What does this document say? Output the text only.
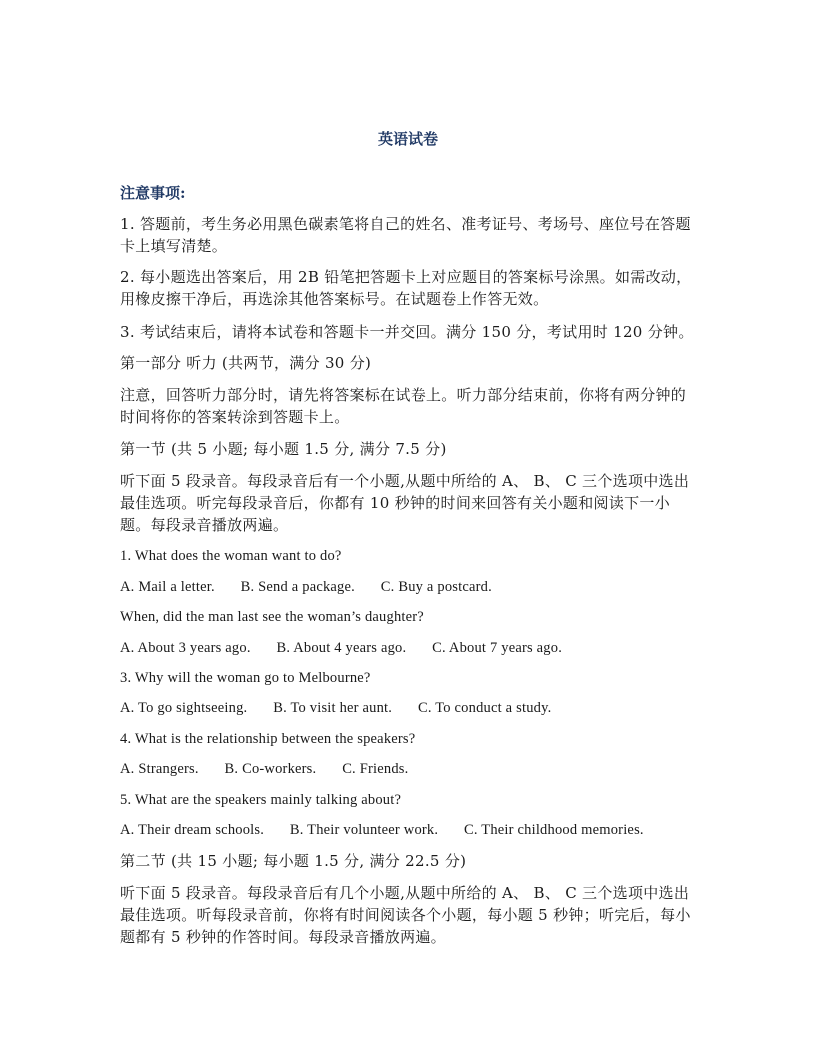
英语试卷
注意事项:
1. 答题前，考生务必用黑色碳素笔将自己的姓名、准考证号、考场号、座位号在答题卡上填写清楚。
2. 每小题选出答案后，用 2B 铅笔把答题卡上对应题目的答案标号涂黑。如需改动，用橡皮擦干净后，再选涂其他答案标号。在试题卷上作答无效。
3. 考试结束后，请将本试卷和答题卡一并交回。满分 150 分，考试用时 120 分钟。
第一部分 听力 (共两节，满分 30 分)
注意，回答听力部分时，请先将答案标在试卷上。听力部分结束前，你将有两分钟的时间将你的答案转涂到答题卡上。
第一节 (共 5 小题; 每小题 1.5 分, 满分 7.5 分)
听下面 5 段录音。每段录音后有一个小题,从题中所给的 A、 B、 C 三个选项中选出最佳选项。听完每段录音后，你都有 10 秒钟的时间来回答有关小题和阅读下一小题。每段录音播放两遍。
1. What does the woman want to do?
A. Mail a letter. B. Send a package. C. Buy a postcard.
When, did the man last see the woman’s daughter?
A. About 3 years ago. B. About 4 years ago. C. About 7 years ago.
3. Why will the woman go to Melbourne?
A. To go sightseeing. B. To visit her aunt. C. To conduct a study.
4. What is the relationship between the speakers?
A. Strangers. B. Co-workers. C. Friends.
5. What are the speakers mainly talking about?
A. Their dream schools. B. Their volunteer work. C. Their childhood memories.
第二节 (共 15 小题; 每小题 1.5 分, 满分 22.5 分)
听下面 5 段录音。每段录音后有几个小题,从题中所给的 A、 B、 C 三个选项中选出最佳选项。听每段录音前，你将有时间阅读各个小题，每小题 5 秒钟；听完后，每小题都有 5 秒钟的作答时间。每段录音播放两遍。
